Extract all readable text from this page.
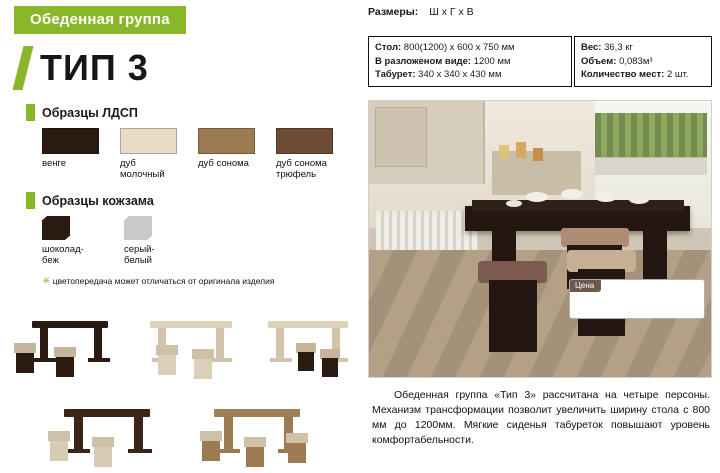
Обеденная группа
ТИП 3
Образцы ЛДСП
венге	дуб
молочный
дуб сонома	дуб сонома
трюфель
Образцы кожзама
шоколад-
беж
серый-
белый
✳ цветопередача может отличаться от оригинала изделия
Размеры: Ш х Г х В
Стол: 800(1200) х 600 х 750 мм
В разложеном виде: 1200 мм
Табурет: 340 х 340 х 430 мм
Вес: 36,3 кг
Объем: 0,083м³
Количество мест: 2 шт.
Цена
Обеденная группа «Тип 3» рассчитана на четыре персоны. Механизм трансформации позволит увеличить ширину стола с 800 мм до 1200мм. Мягкие сиденья табуреток повышают уровень комфортабельности.
